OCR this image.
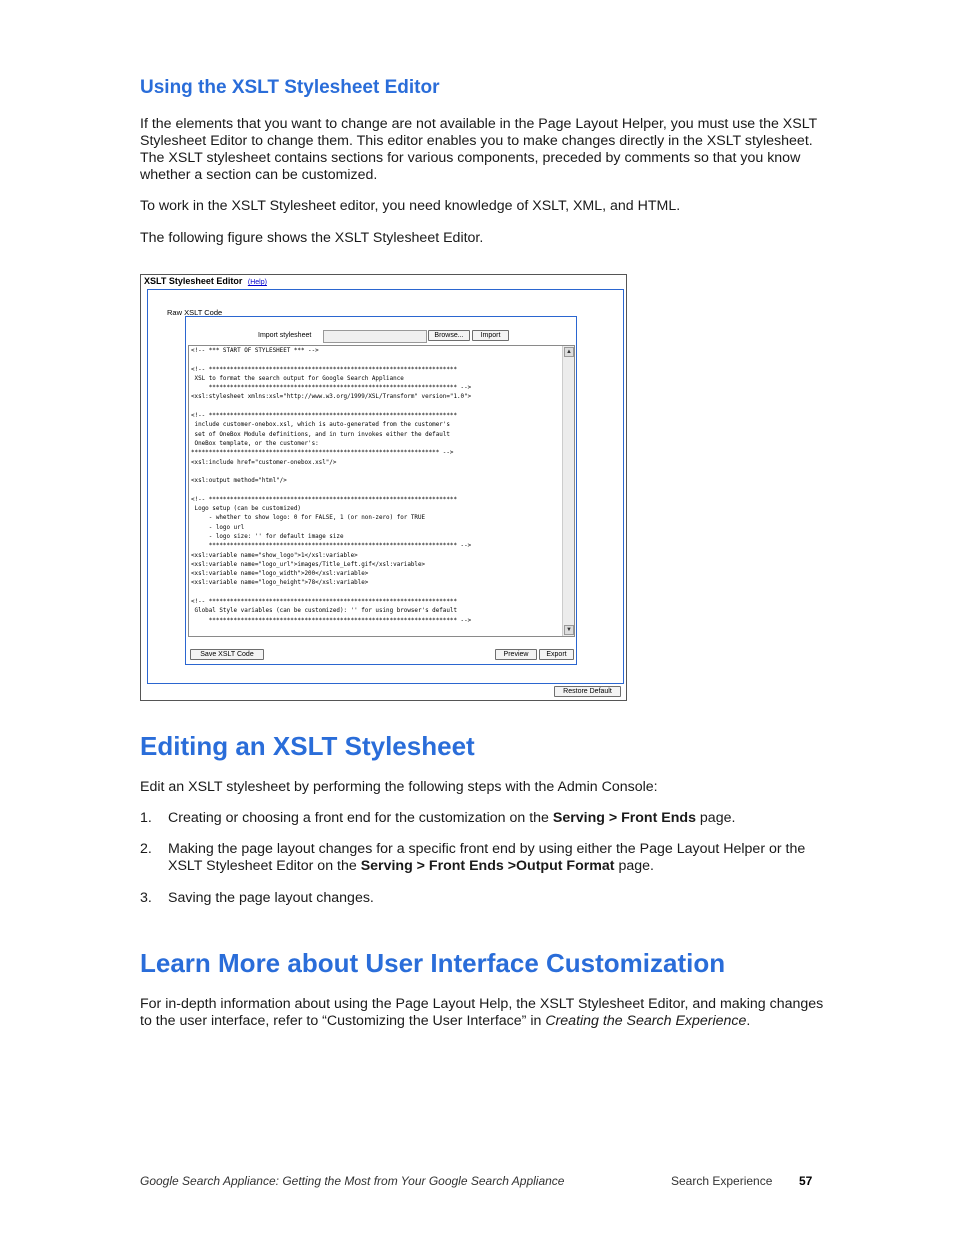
Using the XSLT Stylesheet Editor
If the elements that you want to change are not available in the Page Layout Helper, you must use the XSLT Stylesheet Editor to change them. This editor enables you to make changes directly in the XSLT stylesheet. The XSLT stylesheet contains sections for various components, preceded by comments so that you know whether a section can be customized.
To work in the XSLT Stylesheet editor, you need knowledge of XSLT, XML, and HTML.
The following figure shows the XSLT Stylesheet Editor.
XSLT Stylesheet Editor (Help)
Raw XSLT Code
Import stylesheet	Browse...	Import
<!-- *** START OF STYLESHEET *** -->

<!-- **********************************************************************
XSL to format the search output for Google Search Appliance
********************************************************************** -->
<xsl:stylesheet xmlns:xsl="http://www.w3.org/1999/XSL/Transform" version="1.0">

<!-- **********************************************************************
include customer-onebox.xsl, which is auto-generated from the customer's
set of OneBox Module definitions, and in turn invokes either the default
OneBox template, or the customer's:
********************************************************************** -->
<xsl:include href="customer-onebox.xsl"/>

<xsl:output method="html"/>

<!-- **********************************************************************
Logo setup (can be customized)
- whether to show logo: 0 for FALSE, 1 (or non-zero) for TRUE
- logo url
- logo size: '' for default image size
********************************************************************** -->
<xsl:variable name="show_logo">1</xsl:variable>
<xsl:variable name="logo_url">images/Title_Left.gif</xsl:variable>
<xsl:variable name="logo_width">200</xsl:variable>
<xsl:variable name="logo_height">78</xsl:variable>

<!-- **********************************************************************
Global Style variables (can be customized): '' for using browser's default
********************************************************************** -->
▲
▼
Save XSLT Code	Preview	Export
Restore Default
Editing an XSLT Stylesheet
Edit an XSLT stylesheet by performing the following steps with the Admin Console:
1. Creating or choosing a front end for the customization on the Serving > Front Ends page.
2. Making the page layout changes for a specific front end by using either the Page Layout Helper or the XSLT Stylesheet Editor on the Serving > Front Ends >Output Format page.
3. Saving the page layout changes.
Learn More about User Interface Customization
For in-depth information about using the Page Layout Help, the XSLT Stylesheet Editor, and making changes to the user interface, refer to “Customizing the User Interface” in Creating the Search Experience.
Google Search Appliance: Getting the Most from Your Google Search Appliance	Search Experience 57
